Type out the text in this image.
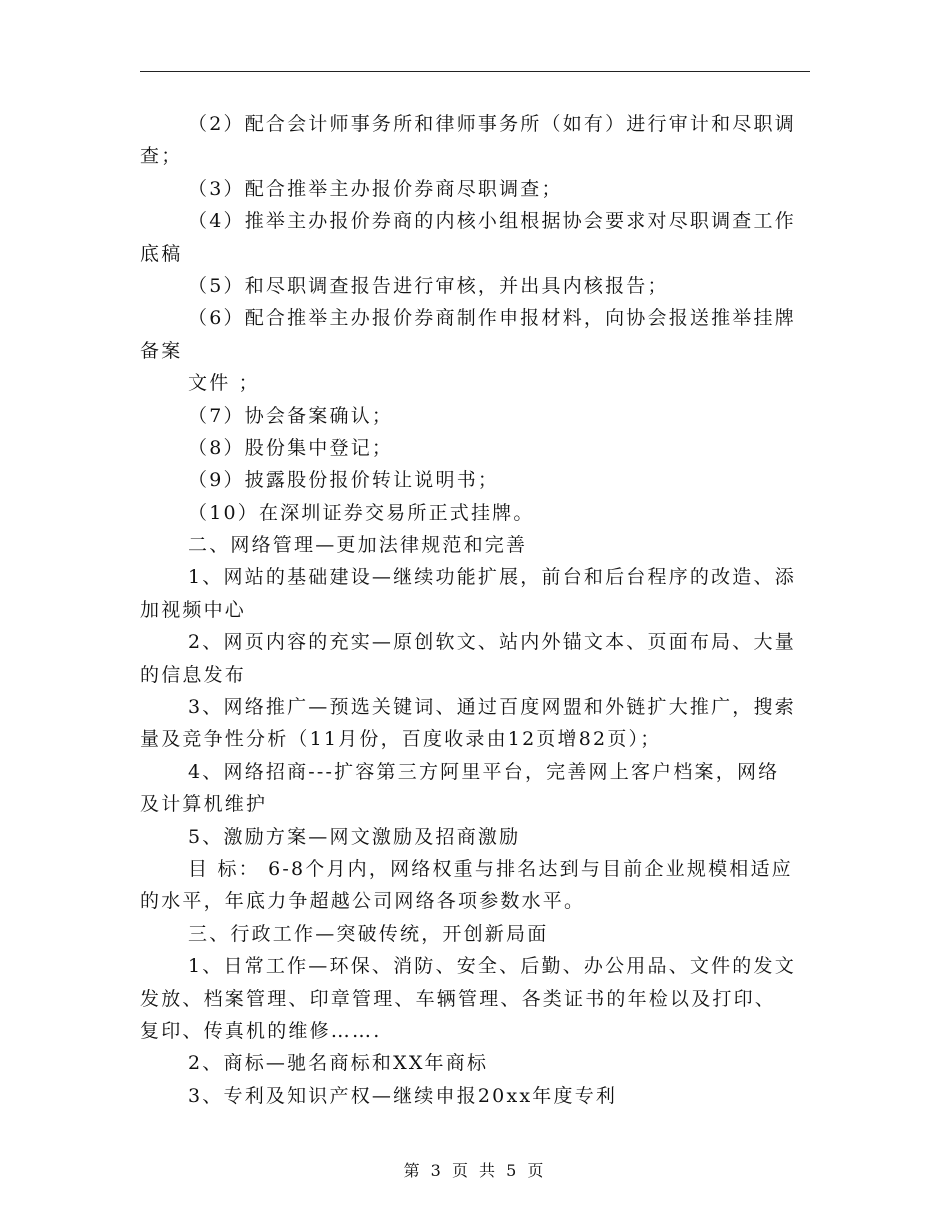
（2）配合会计师事务所和律师事务所（如有）进行审计和尽职调
查；
（3）配合推举主办报价券商尽职调查；
（4）推举主办报价券商的内核小组根据协会要求对尽职调查工作
底稿
（5）和尽职调查报告进行审核，并出具内核报告；
（6）配合推举主办报价券商制作申报材料，向协会报送推举挂牌
备案
文件 ；
（7）协会备案确认；
（8）股份集中登记；
（9）披露股份报价转让说明书；
（10）在深圳证券交易所正式挂牌。
二、网络管理—更加法律规范和完善
1、网站的基础建设—继续功能扩展，前台和后台程序的改造、添
加视频中心
2、网页内容的充实—原创软文、站内外锚文本、页面布局、大量
的信息发布
3、网络推广—预选关键词、通过百度网盟和外链扩大推广，搜索
量及竞争性分析（11月份，百度收录由12页增82页）；
4、网络招商---扩容第三方阿里平台，完善网上客户档案，网络
及计算机维护
5、激励方案—网文激励及招商激励
目 标： 6-8个月内，网络权重与排名达到与目前企业规模相适应
的水平，年底力争超越公司网络各项参数水平。
三、行政工作—突破传统，开创新局面
1、日常工作—环保、消防、安全、后勤、办公用品、文件的发文
发放、档案管理、印章管理、车辆管理、各类证书的年检以及打印、
复印、传真机的维修…….
2、商标—驰名商标和XX年商标
3、专利及知识产权—继续申报20xx年度专利
第 3 页 共 5 页
